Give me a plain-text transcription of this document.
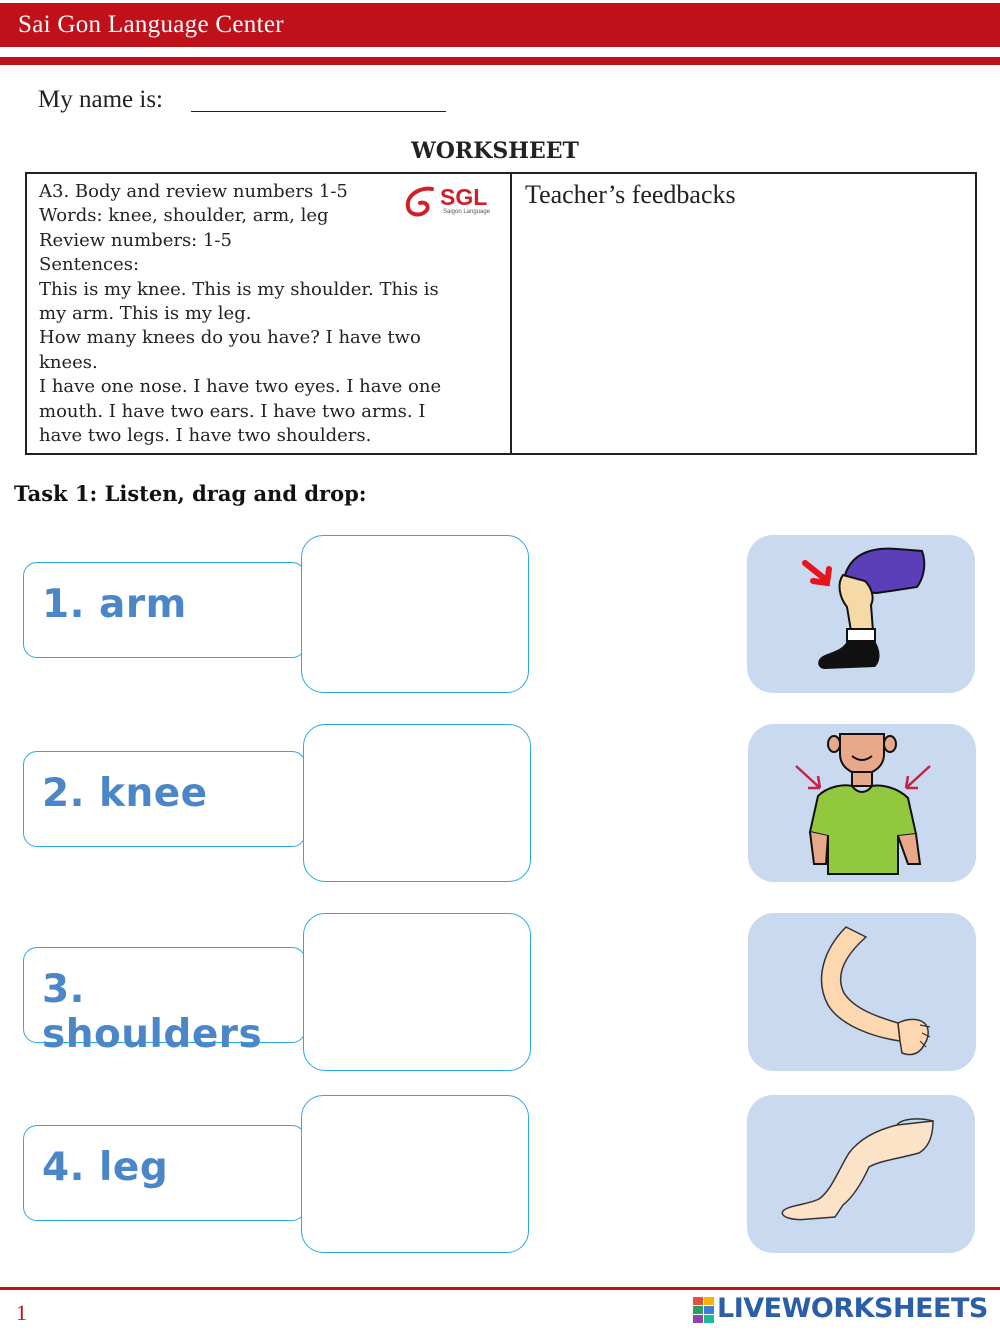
Sai Gon Language Center
My name is:
WORKSHEET
A3. Body and review numbers 1-5
Words: knee, shoulder, arm, leg
Review numbers: 1-5
Sentences:
This is my knee. This is my shoulder. This is
my arm. This is my leg.
How many knees do you have? I have two
knees.
I have one nose. I have two eyes. I have one
mouth. I have two ears. I have two arms. I
have two legs. I have two shoulders.
SGL
Saigon Language
Teacher’s feedbacks
Task 1: Listen, drag and drop:
1. arm
2. knee
3. shoulders
4. leg
1	LIVEWORKSHEETS
